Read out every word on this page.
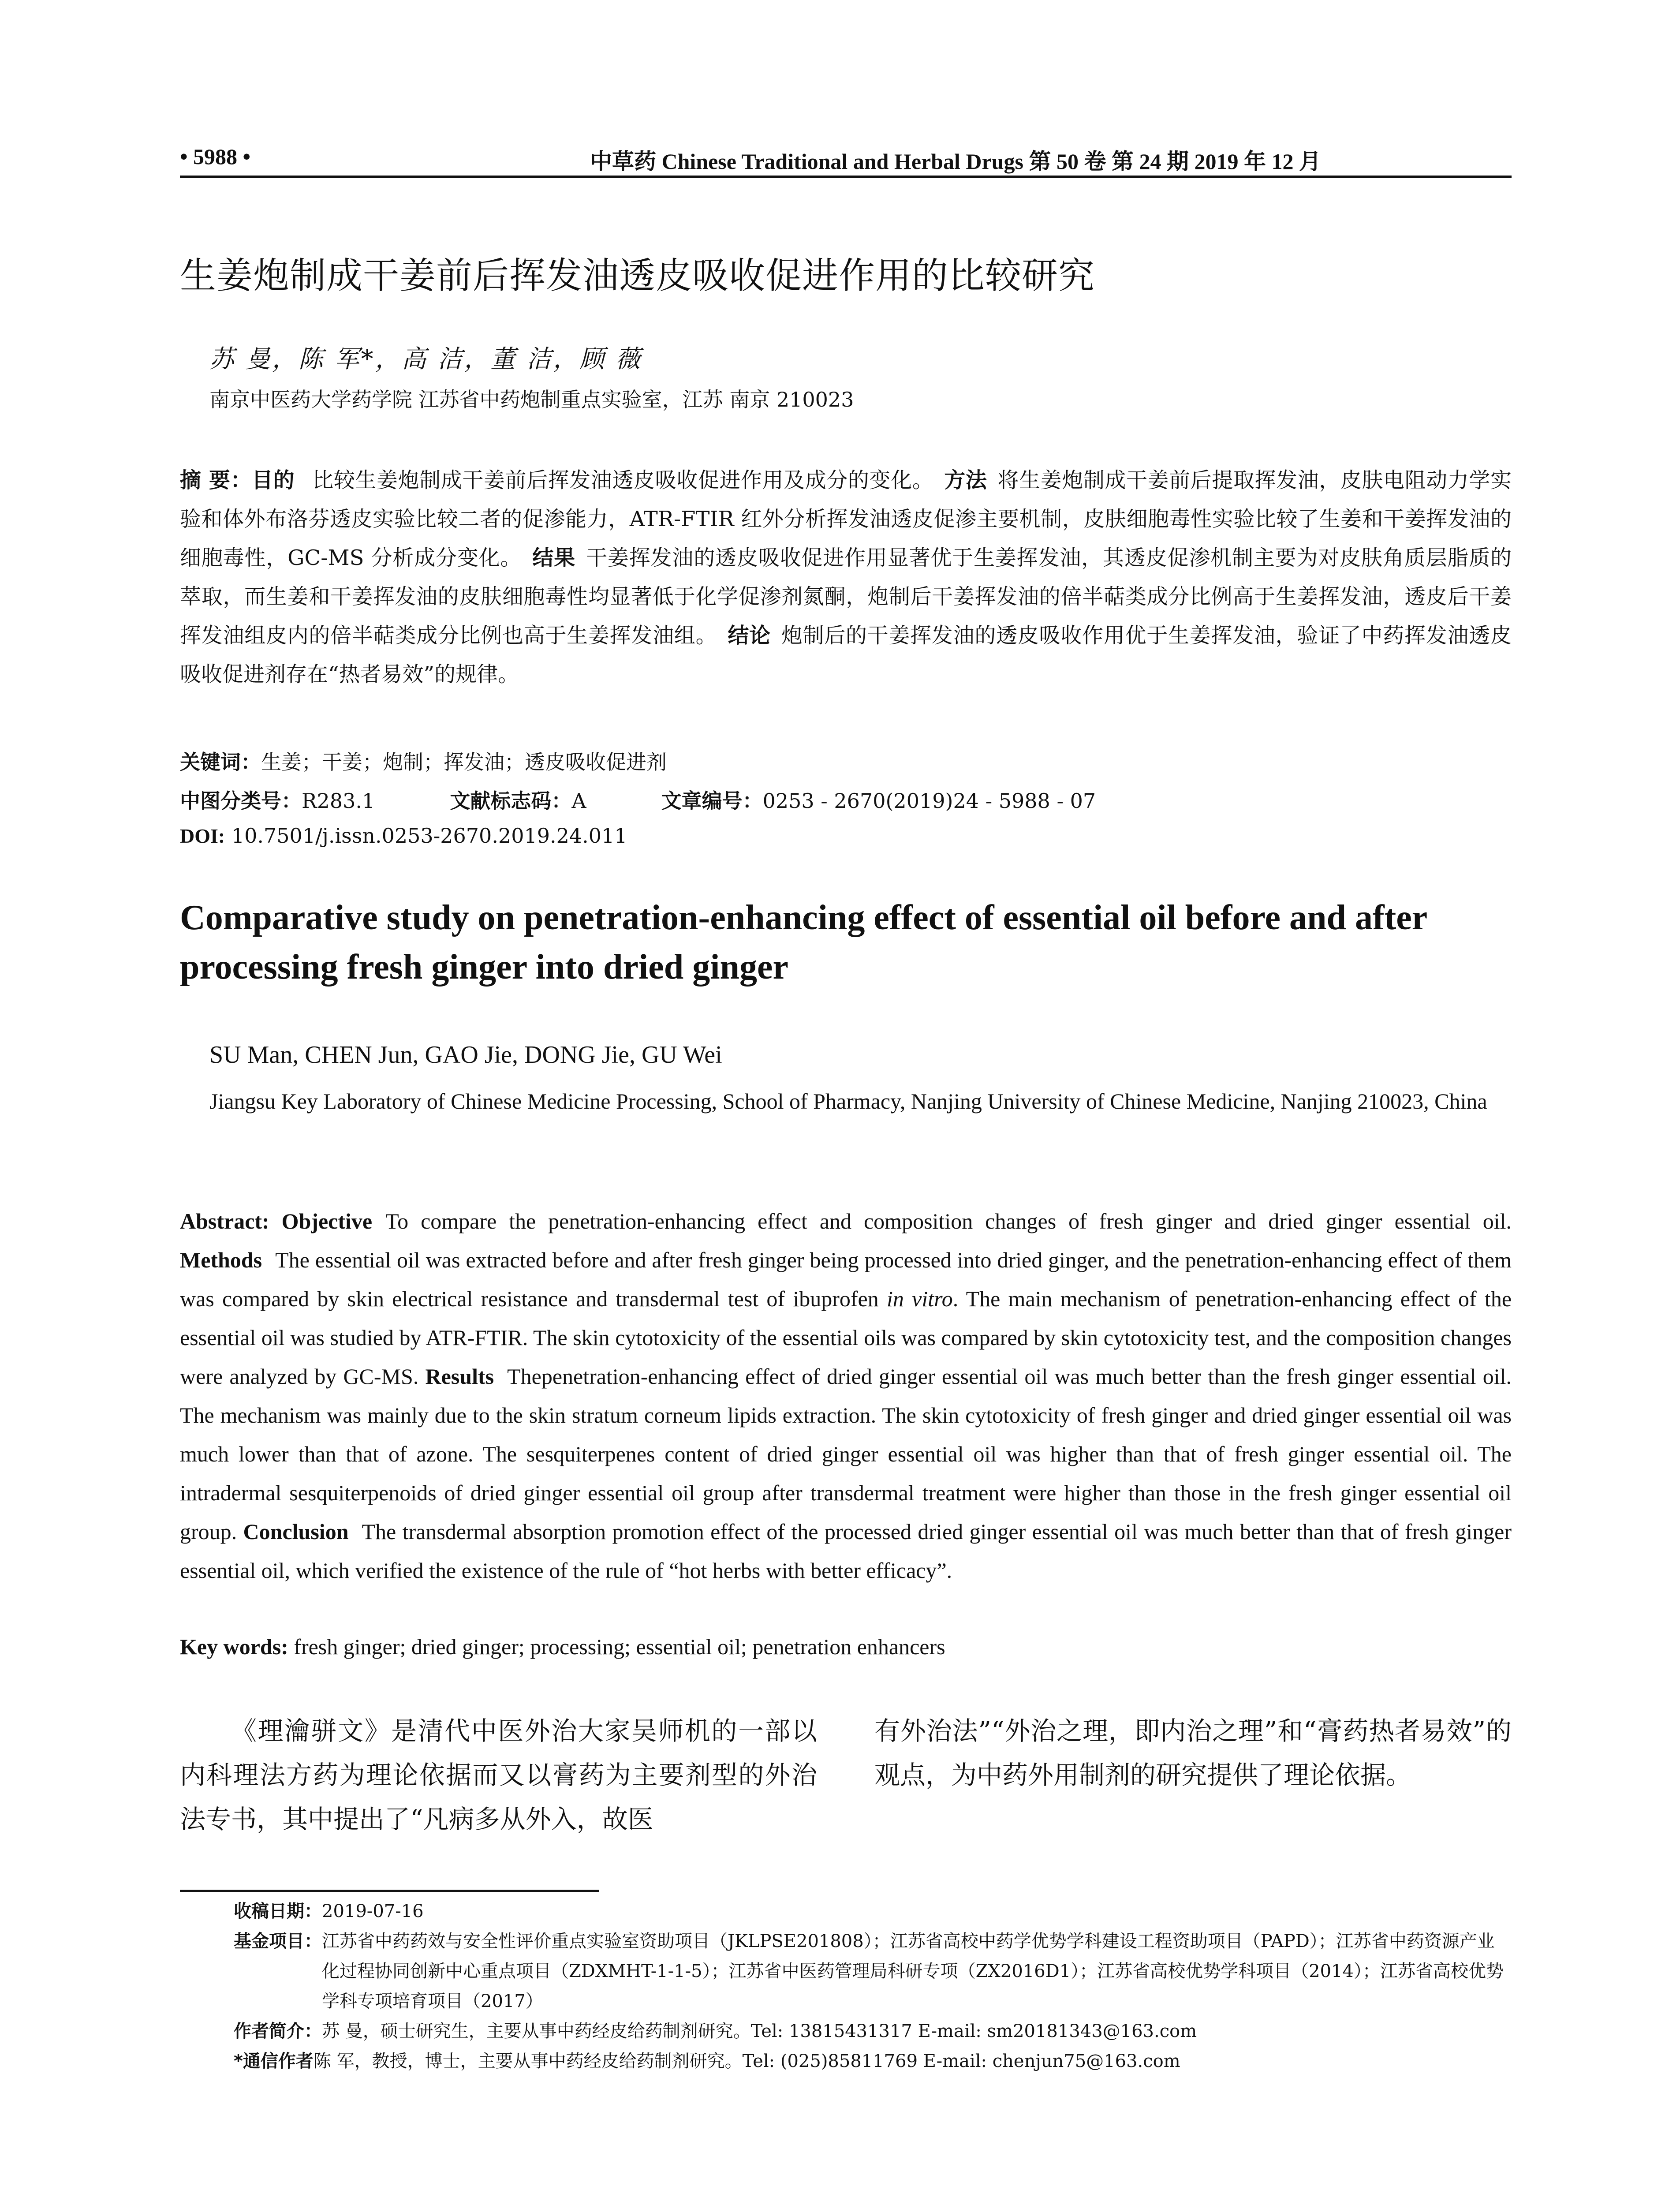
• 5988 •	中草药 Chinese Traditional and Herbal Drugs 第 50 卷 第 24 期 2019 年 12 月
生姜炮制成干姜前后挥发油透皮吸收促进作用的比较研究
苏 曼，陈 军*，高 洁，董 洁，顾 薇
南京中医药大学药学院 江苏省中药炮制重点实验室，江苏 南京 210023
摘 要：目的 比较生姜炮制成干姜前后挥发油透皮吸收促进作用及成分的变化。 方法 将生姜炮制成干姜前后提取挥发油，皮肤电阻动力学实验和体外布洛芬透皮实验比较二者的促渗能力，ATR-FTIR 红外分析挥发油透皮促渗主要机制，皮肤细胞毒性实验比较了生姜和干姜挥发油的细胞毒性，GC-MS 分析成分变化。 结果 干姜挥发油的透皮吸收促进作用显著优于生姜挥发油，其透皮促渗机制主要为对皮肤角质层脂质的萃取，而生姜和干姜挥发油的皮肤细胞毒性均显著低于化学促渗剂氮酮，炮制后干姜挥发油的倍半萜类成分比例高于生姜挥发油，透皮后干姜挥发油组皮内的倍半萜类成分比例也高于生姜挥发油组。 结论 炮制后的干姜挥发油的透皮吸收作用优于生姜挥发油，验证了中药挥发油透皮吸收促进剂存在“热者易效”的规律。
关键词：生姜；干姜；炮制；挥发油；透皮吸收促进剂
中图分类号：R283.1	文献标志码：A	文章编号：0253 - 2670(2019)24 - 5988 - 07
DOI: 10.7501/j.issn.0253-2670.2019.24.011
Comparative study on penetration-enhancing effect of essential oil before and after processing fresh ginger into dried ginger
SU Man, CHEN Jun, GAO Jie, DONG Jie, GU Wei
Jiangsu Key Laboratory of Chinese Medicine Processing, School of Pharmacy, Nanjing University of Chinese Medicine, Nanjing 210023, China
Abstract: Objective To compare the penetration-enhancing effect and composition changes of fresh ginger and dried ginger essential oil. Methods The essential oil was extracted before and after fresh ginger being processed into dried ginger, and the penetration-enhancing effect of them was compared by skin electrical resistance and transdermal test of ibuprofen in vitro. The main mechanism of penetration-enhancing effect of the essential oil was studied by ATR-FTIR. The skin cytotoxicity of the essential oils was compared by skin cytotoxicity test, and the composition changes were analyzed by GC-MS. Results Thepenetration-enhancing effect of dried ginger essential oil was much better than the fresh ginger essential oil. The mechanism was mainly due to the skin stratum corneum lipids extraction. The skin cytotoxicity of fresh ginger and dried ginger essential oil was much lower than that of azone. The sesquiterpenes content of dried ginger essential oil was higher than that of fresh ginger essential oil. The intradermal sesquiterpenoids of dried ginger essential oil group after transdermal treatment were higher than those in the fresh ginger essential oil group. Conclusion The transdermal absorption promotion effect of the processed dried ginger essential oil was much better than that of fresh ginger essential oil, which verified the existence of the rule of “hot herbs with better efficacy”.
Key words: fresh ginger; dried ginger; processing; essential oil; penetration enhancers
《理瀹骈文》是清代中医外治大家吴师机的一部以内科理法方药为理论依据而又以膏药为主要剂型的外治法专书，其中提出了“凡病多从外入，故医
有外治法”“外治之理，即内治之理”和“膏药热者易效”的观点，为中药外用制剂的研究提供了理论依据。
收稿日期： 2019-07-16
基金项目： 江苏省中药药效与安全性评价重点实验室资助项目（JKLPSE201808）；江苏省高校中药学优势学科建设工程资助项目（PAPD）；江苏省中药资源产业化过程协同创新中心重点项目（ZDXMHT-1-1-5）；江苏省中医药管理局科研专项（ZX2016D1）；江苏省高校优势学科项目（2014）；江苏省高校优势学科专项培育项目（2017）
作者简介： 苏 曼，硕士研究生，主要从事中药经皮给药制剂研究。Tel: 13815431317 E-mail: sm20181343@163.com
*通信作者 陈 军，教授，博士，主要从事中药经皮给药制剂研究。Tel: (025)85811769 E-mail: chenjun75@163.com
